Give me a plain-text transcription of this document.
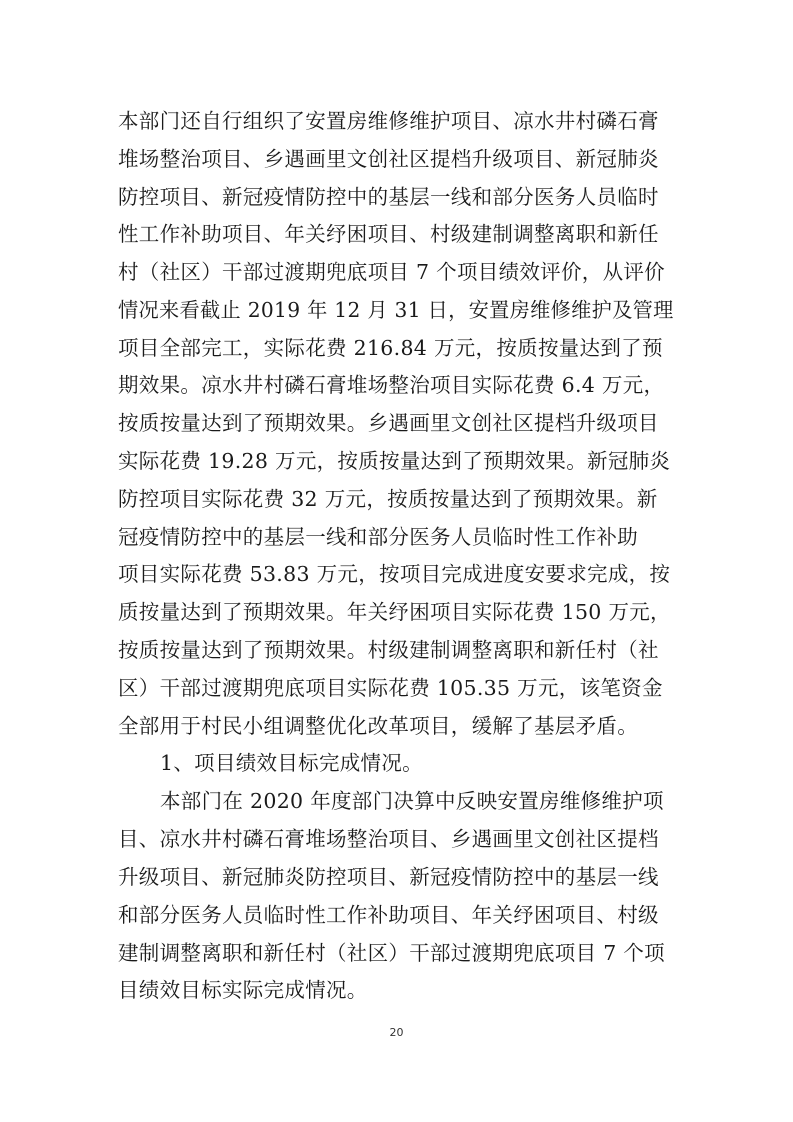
本部门还自行组织了安置房维修维护项目、凉水井村磷石膏
堆场整治项目、乡遇画里文创社区提档升级项目、新冠肺炎
防控项目、新冠疫情防控中的基层一线和部分医务人员临时
性工作补助项目、年关纾困项目、村级建制调整离职和新任
村（社区）干部过渡期兜底项目 7 个项目绩效评价，从评价
情况来看截止 2019 年 12 月 31 日，安置房维修维护及管理
项目全部完工，实际花费 216.84 万元，按质按量达到了预
期效果。凉水井村磷石膏堆场整治项目实际花费 6.4 万元，
按质按量达到了预期效果。乡遇画里文创社区提档升级项目
实际花费 19.28 万元，按质按量达到了预期效果。新冠肺炎
防控项目实际花费 32 万元，按质按量达到了预期效果。新
冠疫情防控中的基层一线和部分医务人员临时性工作补助
项目实际花费 53.83 万元，按项目完成进度安要求完成，按
质按量达到了预期效果。年关纾困项目实际花费 150 万元，
按质按量达到了预期效果。村级建制调整离职和新任村（社
区）干部过渡期兜底项目实际花费 105.35 万元，该笔资金
全部用于村民小组调整优化改革项目，缓解了基层矛盾。
1、项目绩效目标完成情况。
本部门在 2020 年度部门决算中反映安置房维修维护项
目、凉水井村磷石膏堆场整治项目、乡遇画里文创社区提档
升级项目、新冠肺炎防控项目、新冠疫情防控中的基层一线
和部分医务人员临时性工作补助项目、年关纾困项目、村级
建制调整离职和新任村（社区）干部过渡期兜底项目 7 个项
目绩效目标实际完成情况。
20
